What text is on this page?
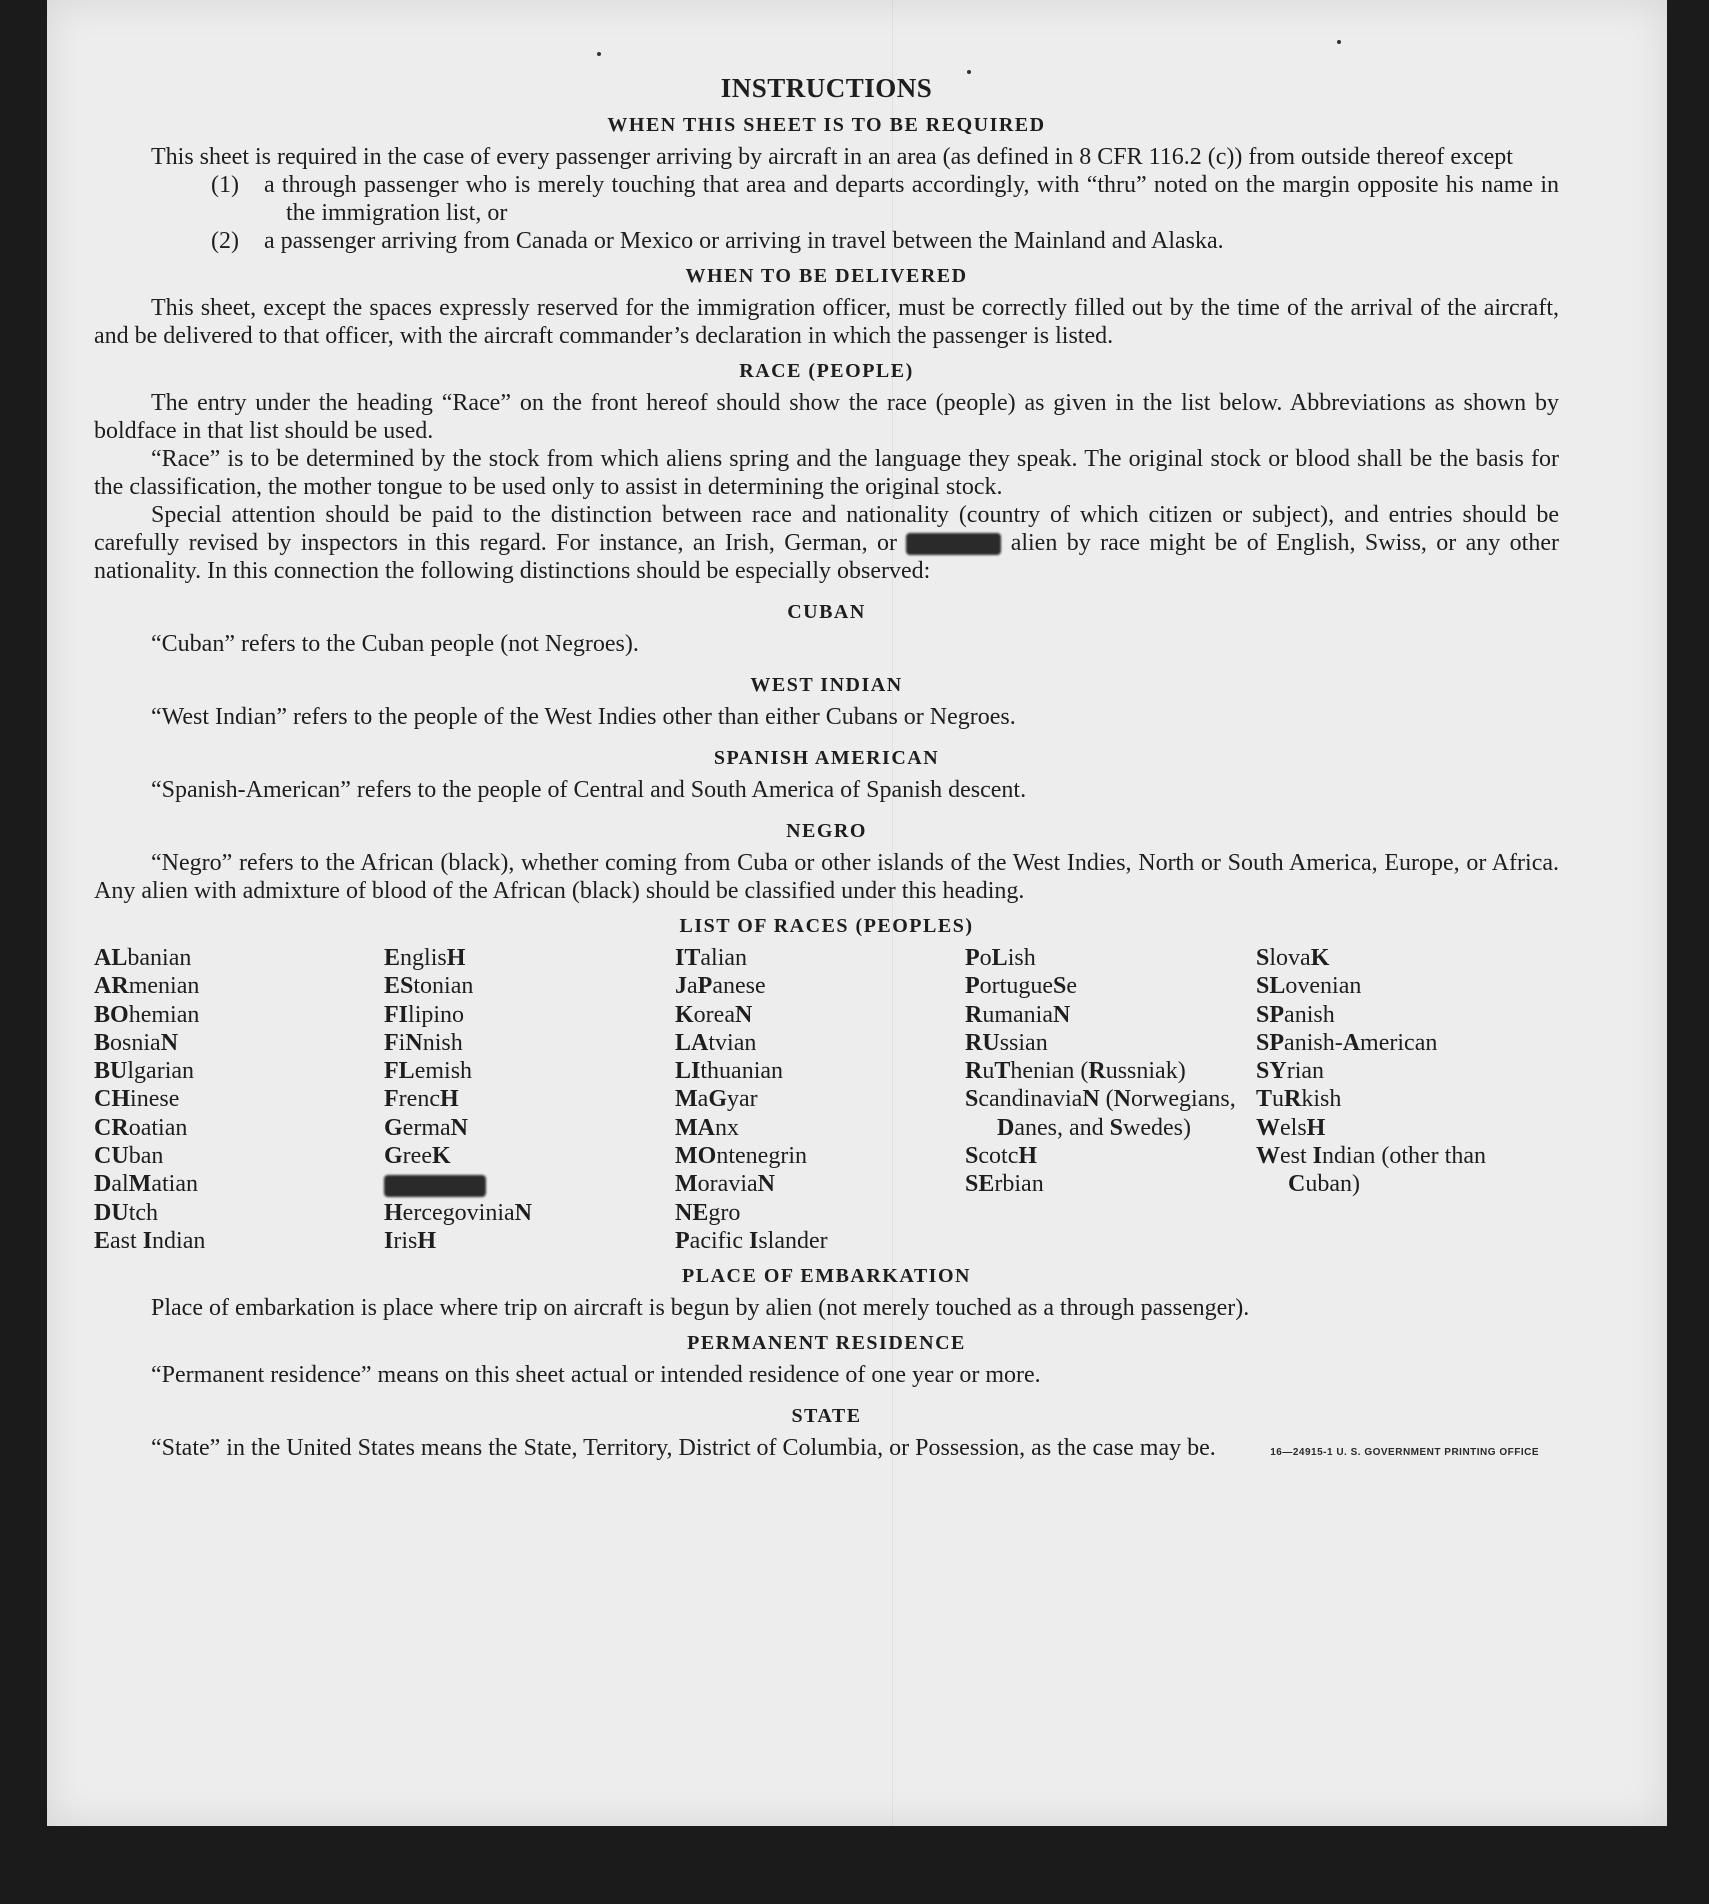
INSTRUCTIONS
WHEN THIS SHEET IS TO BE REQUIRED

This sheet is required in the case of every passenger arriving by aircraft in an area (as defined in 8 CFR 116.2 (c)) from outside thereof except

(1)	a through passenger who is merely touching that area and departs accordingly, with “thru” noted on the margin opposite his name in the immigration list, or
(2)	a passenger arriving from Canada or Mexico or arriving in travel between the Mainland and Alaska.
WHEN TO BE DELIVERED

This sheet, except the spaces expressly reserved for the immigration officer, must be correctly filled out by the time of the arrival of the aircraft, and be delivered to that officer, with the aircraft commander’s declaration in which the passenger is listed.

RACE (PEOPLE)

The entry under the heading “Race” on the front hereof should show the race (people) as given in the list below. Abbreviations as shown by boldface in that list should be used.

“Race” is to be determined by the stock from which aliens spring and the language they speak. The original stock or blood shall be the basis for the classification, the mother tongue to be used only to assist in determining the original stock.

Special attention should be paid to the distinction between race and nationality (country of which citizen or subject), and entries should be carefully revised by inspectors in this regard. For instance, an Irish, German, or	alien by race might be of English, Swiss, or any other nationality. In this connection the following distinctions should be especially observed:

CUBAN

“Cuban” refers to the Cuban people (not Negroes).

WEST INDIAN

“West Indian” refers to the people of the West Indies other than either Cubans or Negroes.

SPANISH AMERICAN

“Spanish-American” refers to the people of Central and South America of Spanish descent.

NEGRO

“Negro” refers to the African (black), whether coming from Cuba or other islands of the West Indies, North or South America, Europe, or Africa. Any alien with admixture of blood of the African (black) should be classified under this heading.

LIST OF RACES (PEOPLES)
ALbanian
ARmenian
BOhemian
BosniaN
BUlgarian
CHinese
CRoatian
CUban
DalMatian
DUtch
East Indian
EnglisH
EStonian
FIlipino
FiNnish
FLemish
FrencH
GermaN
GreeK
HercegoviniaN
IrisH
ITalian
JaPanese
KoreaN
LAtvian
LIthuanian
MaGyar
MAnx
MOntenegrin
MoraviaN
NEgro
Pacific Islander
PoLish
PortugueSe
RumaniaN
RUssian
RuThenian (Russniak)
ScandinaviaN (Norwegians, Danes, and Swedes)
ScotcH
SErbian
SlovaK
SLovenian
SPanish
SPanish-American
SYrian
TuRkish
WelsH
West Indian (other than Cuban)
PLACE OF EMBARKATION

Place of embarkation is place where trip on aircraft is begun by alien (not merely touched as a through passenger).

PERMANENT RESIDENCE

“Permanent residence” means on this sheet actual or intended residence of one year or more.

STATE

“State” in the United States means the State, Territory, District of Columbia, or Possession, as the case may be.	16—24915-1 U. S. GOVERNMENT PRINTING OFFICE
